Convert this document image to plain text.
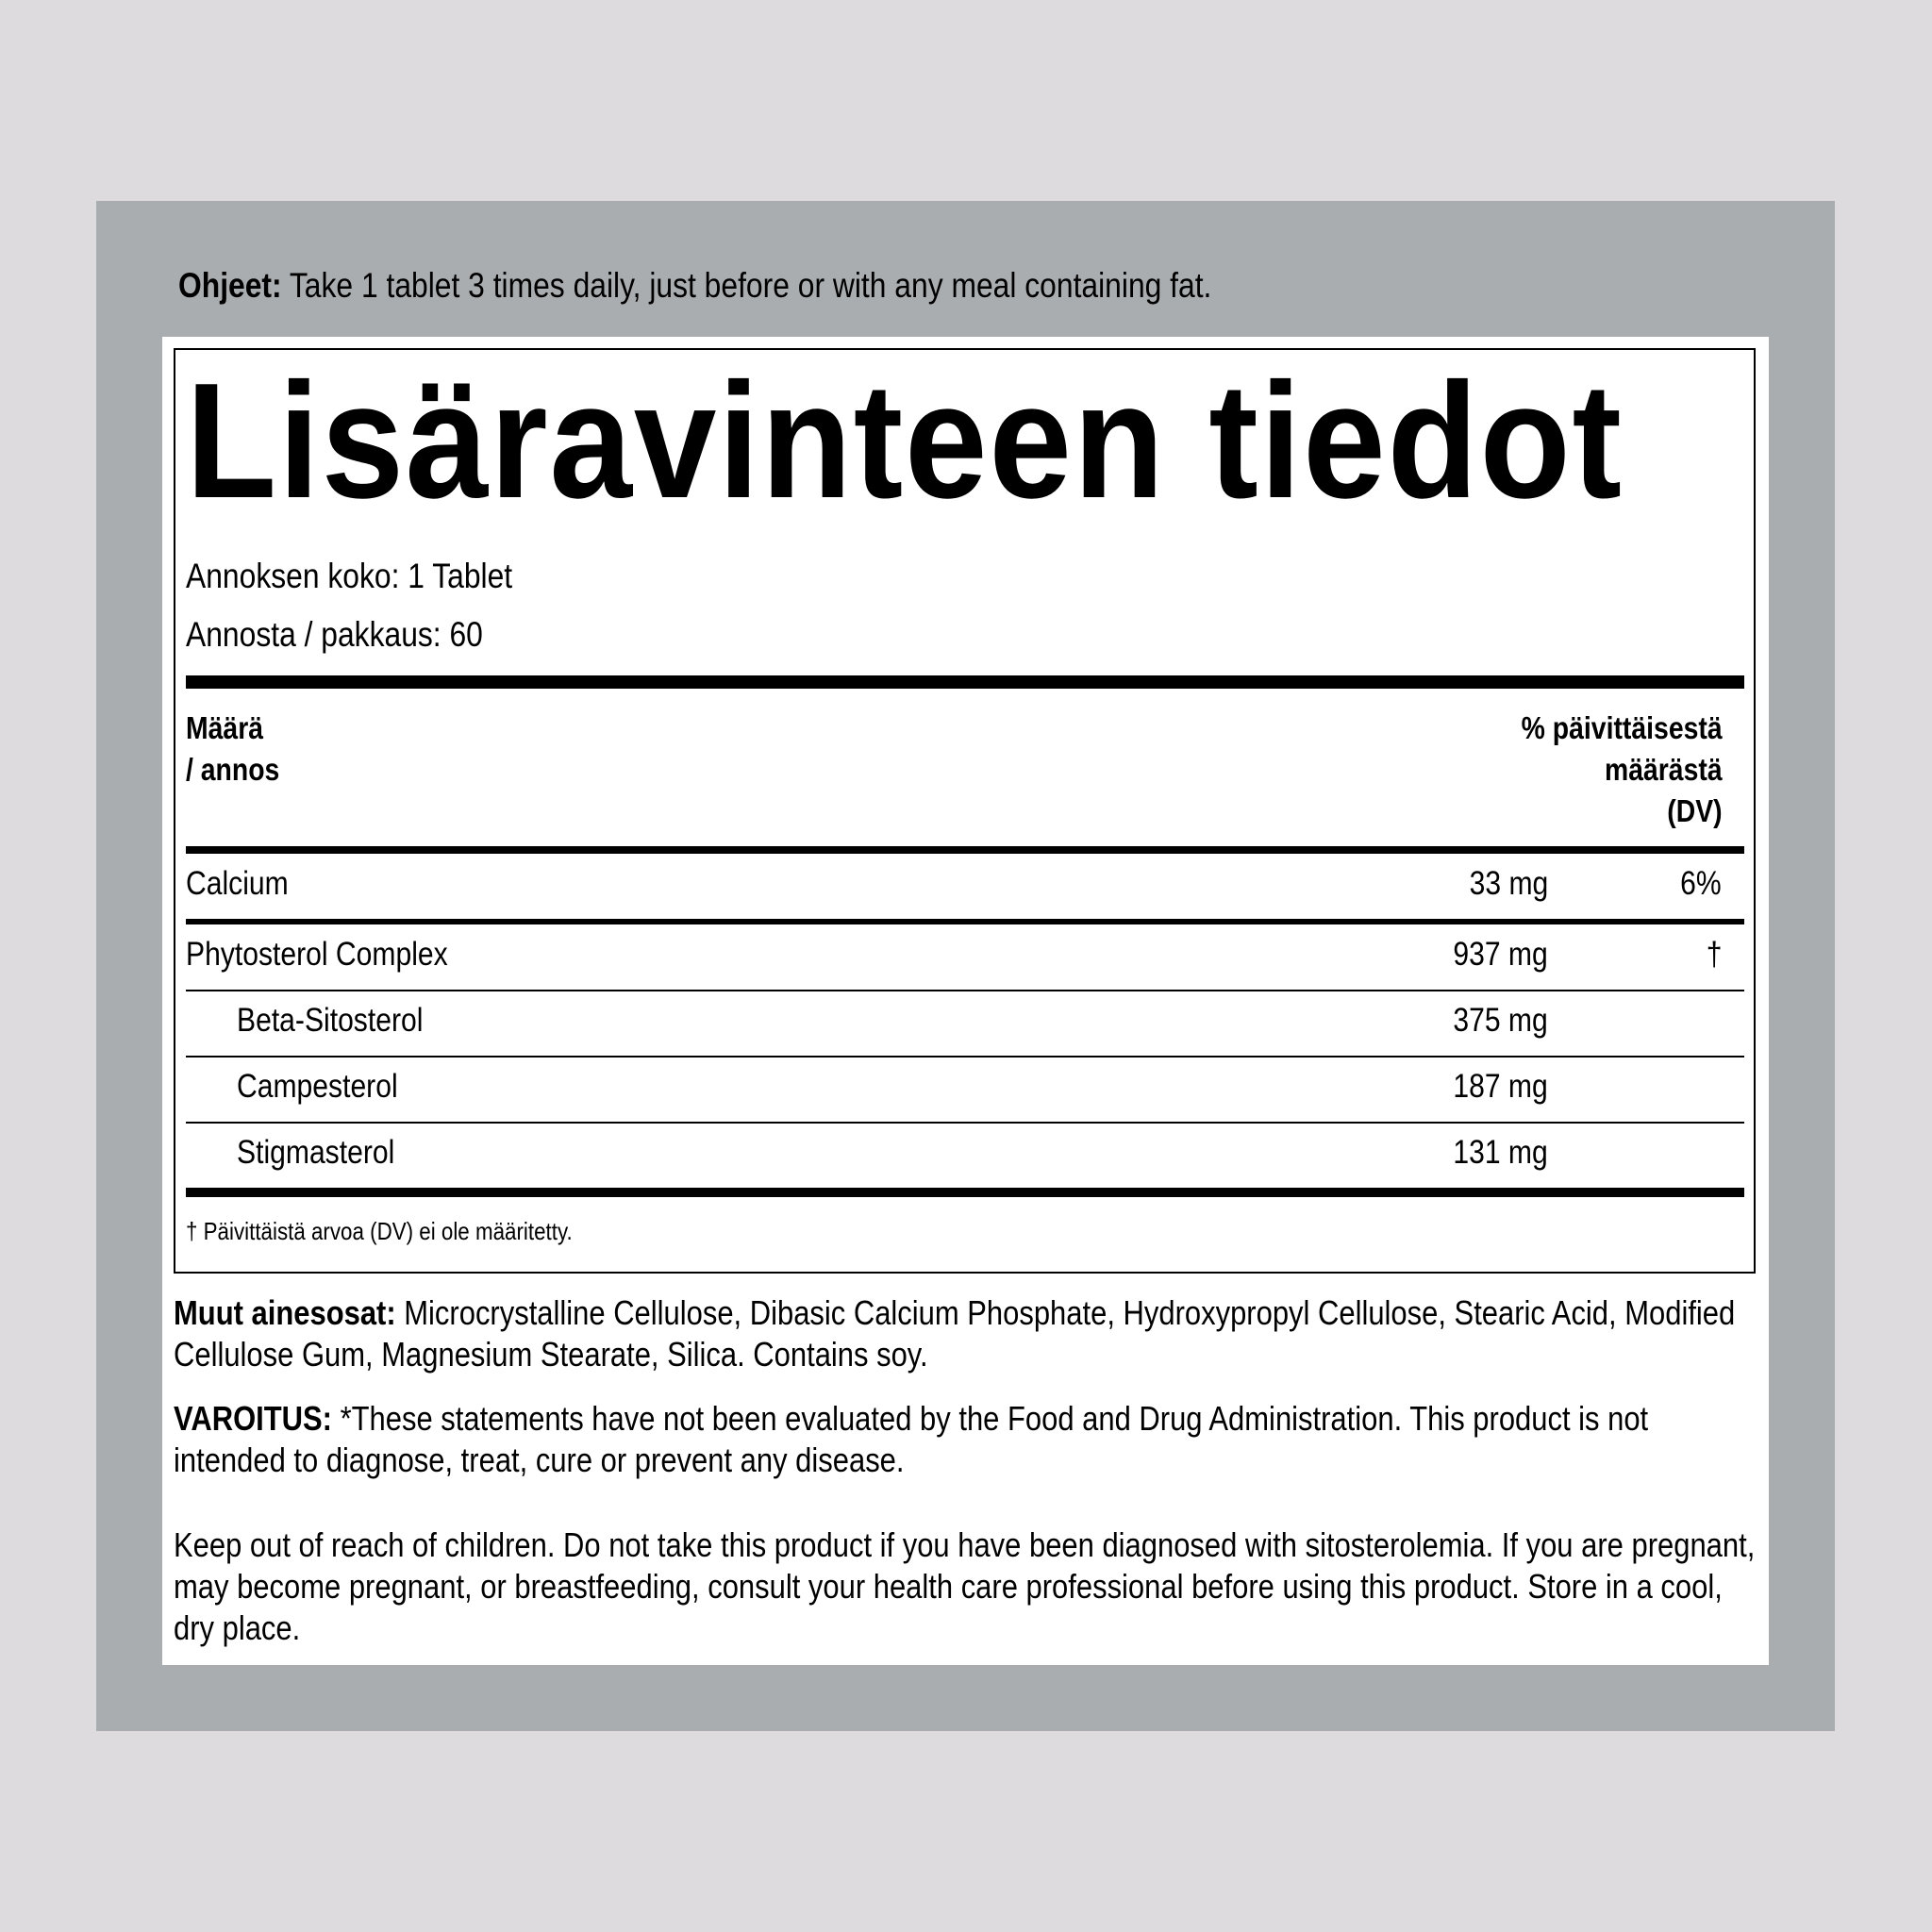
Ohjeet: Take 1 tablet 3 times daily, just before or with any meal containing fat.
Lisäravinteen tiedot
Annoksen koko: 1 Tablet
Annosta / pakkaus: 60
Määrä
/ annos
% päivittäisestä
määrästä
(DV)
Calcium	33 mg	6%
Phytosterol Complex	937 mg	†
Beta-Sitosterol	375 mg
Campesterol	187 mg
Stigmasterol	131 mg
† Päivittäistä arvoa (DV) ei ole määritetty.
Muut ainesosat: Microcrystalline Cellulose, Dibasic Calcium Phosphate, Hydroxypropyl Cellulose, Stearic Acid, Modified Cellulose Gum, Magnesium Stearate, Silica. Contains soy.
VAROITUS: *These statements have not been evaluated by the Food and Drug Administration. This product is not intended to diagnose, treat, cure or prevent any disease.
Keep out of reach of children. Do not take this product if you have been diagnosed with sitosterolemia. If you are pregnant, may become pregnant, or breastfeeding, consult your health care professional before using this product. Store in a cool, dry place.
